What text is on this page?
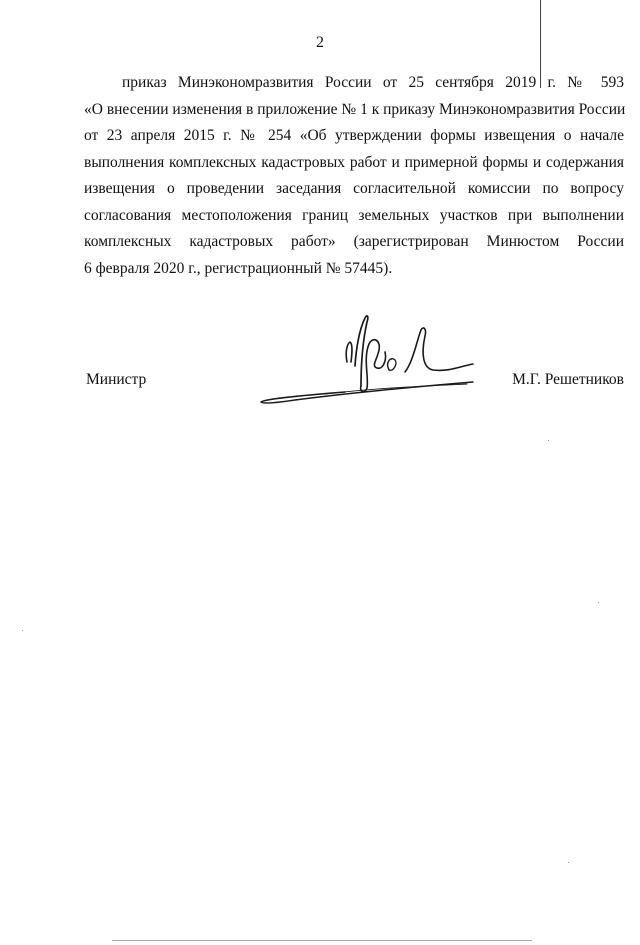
2
приказ Минэкономразвития России от 25 сентября 2019 г. № 593
«О внесении изменения в приложение № 1 к приказу Минэкономразвития России
от 23 апреля 2015 г. № 254 «Об утверждении формы извещения о начале
выполнения комплексных кадастровых работ и примерной формы и содержания
извещения о проведении заседания согласительной комиссии по вопросу
согласования местоположения границ земельных участков при выполнении
комплексных кадастровых работ» (зарегистрирован Минюстом России
6 февраля 2020 г., регистрационный № 57445).
Министр	М.Г. Решетников
